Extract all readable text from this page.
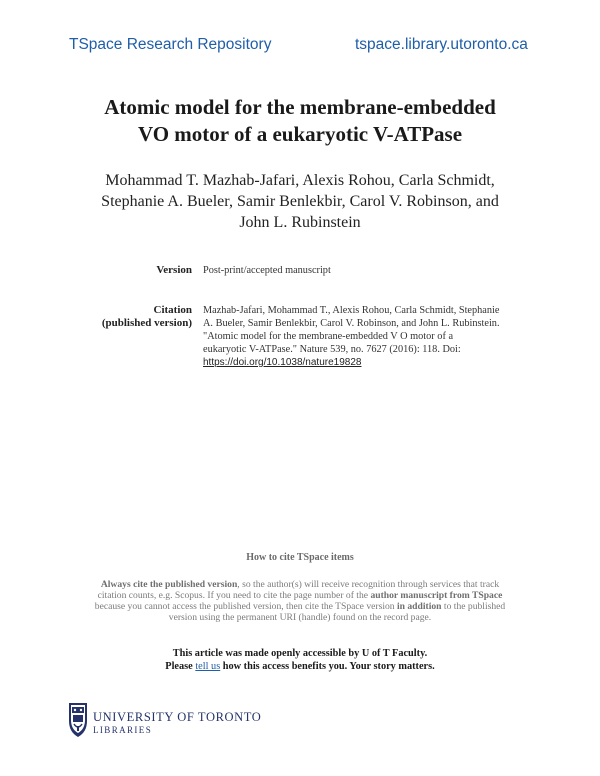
TSpace Research Repository	tspace.library.utoronto.ca
Atomic model for the membrane-embedded
VO motor of a eukaryotic V-ATPase
Mohammad T. Mazhab-Jafari, Alexis Rohou, Carla Schmidt,
Stephanie A. Bueler, Samir Benlekbir, Carol V. Robinson, and
John L. Rubinstein
Version Post-print/accepted manuscript
Citation
(published version)
Mazhab-Jafari, Mohammad T., Alexis Rohou, Carla Schmidt, Stephanie
A. Bueler, Samir Benlekbir, Carol V. Robinson, and John L. Rubinstein.
"Atomic model for the membrane-embedded V O motor of a
eukaryotic V-ATPase." Nature 539, no. 7627 (2016): 118. Doi:
https://doi.org/10.1038/nature19828
How to cite TSpace items
Always cite the published version, so the author(s) will receive recognition through services that track
citation counts, e.g. Scopus. If you need to cite the page number of the author manuscript from TSpace
because you cannot access the published version, then cite the TSpace version in addition to the published
version using the permanent URI (handle) found on the record page.
This article was made openly accessible by U of T Faculty.
Please tell us how this access benefits you. Your story matters.
UNIVERSITY OF TORONTO
LIBRARIES
